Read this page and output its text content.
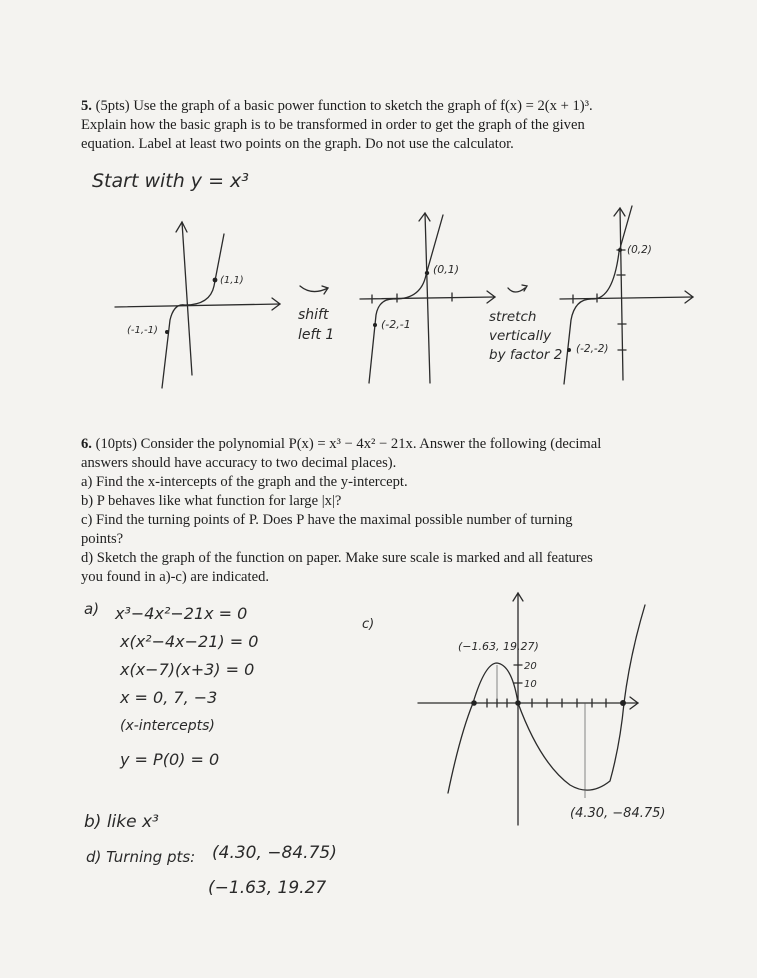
5. (5pts) Use the graph of a basic power function to sketch the graph of f(x) = 2(x + 1)³.

Explain how the basic graph is to be transformed in order to get the graph of the given

equation. Label at least two points on the graph. Do not use the calculator.

Start with y = x³
(1,1)
(-1,-1)
shift
left 1
(0,1)
(-2,-1	stretch
vertically
by factor 2
(0,2)
(-2,-2)

6. (10pts) Consider the polynomial P(x) = x³ − 4x² − 21x. Answer the following (decimal

answers should have accuracy to two decimal places).

a) Find the x-intercepts of the graph and the y-intercept.

b) P behaves like what function for large |x|?

c) Find the turning points of P. Does P have the maximal possible number of turning

points?

d) Sketch the graph of the function on paper. Make sure scale is marked and all features

you found in a)-c) are indicated.

a) x³−4x²−21x = 0
x(x²−4x−21) = 0
x(x−7)(x+3) = 0
x = 0, 7, −3
(x-intercepts)
y = P(0) = 0
b) like x³
d) Turning pts: (4.30, −84.75)
(−1.63, 19.27
c)
20
10
(−1.63, 19.27)
(4.30, −84.75)
